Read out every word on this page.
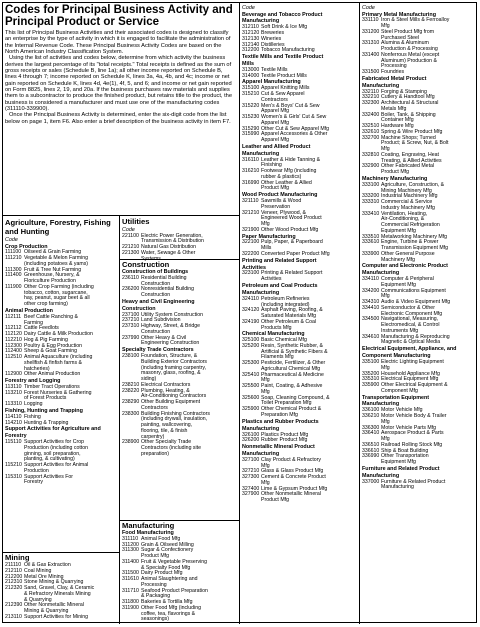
Codes for Principal Business Activity and
Principal Product or Service

This list of Principal Business Activities and their associated codes is designed to classify an enterprise by the type of activity in which it is engaged to facilitate the administration of the Internal Revenue Code. These Principal Business Activity Codes are based on the North American Industry Classification System.

Using the list of activities and codes below, determine from which activity the business derives the largest percentage of its "total receipts." Total receipts is defined as the sum of gross receipts or sales (Schedule B, line 1a); all other income reported on Schedule B, lines 4 through 7; income reported on Schedule K, lines 3a, 4a, 4b, and 4c; income or net gain reported on Schedule K, lines 4d, 4e(1), 4f, 5, and 6; and income or net gain reported on Form 8825, lines 2, 19, and 20a. If the business purchases raw materials and supplies them to a subcontractor to produce the finished product, but retains title to the product, the business is considered a manufacturer and must use one of the manufacturing codes (311110-339900).

Once the Principal Business Activity is determined, enter the six-digit code from the list below on page 1, item F6. Also enter a brief description of the business activity in item F7.

Agriculture, Forestry, Fishing
and Hunting
Code
Crop Production
111100 Oilseed & Grain Farming
111210 Vegetable & Melon Farming
(including potatoes & yams)
111300 Fruit & Tree Nut Farming
111400 Greenhouse, Nursery, &
Floriculture Production
111900 Other Crop Farming (including
tobacco, cotton, sugarcane,
hay, peanut, sugar beet & all
other crop farming)
Animal Production
112111 Beef Cattle Ranching &
Farming
112112 Cattle Feedlots
112120 Dairy Cattle & Milk Production
112210 Hog & Pig Farming
112300 Poultry & Egg Production
112400 Sheep & Goat Farming
112510 Animal Aquaculture (including
shellfish & finfish farms &
hatcheries)
112900 Other Animal Production
Forestry and Logging
113110 Timber Tract Operations
113210 Forest Nurseries & Gathering
of Forest Products
113310 Logging
Fishing, Hunting and Trapping
114110 Fishing
114210 Hunting & Trapping
Support Activities for Agriculture and
Forestry
115110 Support Activities for Crop
Production (including cotton
ginning, soil preparation,
planting, & cultivating)
115210 Support Activities for Animal
Production
115310 Support Activities For
Forestry
Mining
211110 Oil & Gas Extraction
212110 Coal Mining
212200 Metal Ore Mining
212310 Stone Mining & Quarrying
212320 Sand, Gravel, Clay, & Ceramic
& Refractory Minerals Mining
& Quarrying
212390 Other Nonmetallic Mineral
Mining & Quarrying
213110 Support Activities for Mining
Utilities
Code
221100 Electric Power Generation,
Transmission & Distribution
221210 Natural Gas Distribution
221300 Water, Sewage & Other
Systems
Construction
Construction of Buildings
236110 Residential Building
Construction
236200 Nonresidential Building
Construction
Heavy and Civil Engineering
Construction
237100 Utility System Construction
237210 Land Subdivision
237310 Highway, Street, & Bridge
Construction
237990 Other Heavy & Civil
Engineering Construction
Specialty Trade Contractors
238100 Foundation, Structure, &
Building Exterior Contractors
(including framing carpentry,
masonry, glass, roofing, &
siding)
238210 Electrical Contractors
238220 Plumbing, Heating, &
Air-Conditioning Contractors
238290 Other Building Equipment
Contractors
238300 Building Finishing Contractors
(including drywall, insulation,
painting, wallcovering,
flooring, tile, & finish
carpentry)
238900 Other Specialty Trade
Contractors (including site
preparation)
Manufacturing
Food Manufacturing
311110 Animal Food Mfg
311200 Grain & Oilseed Milling
311300 Sugar & Confectionery
Product Mfg
311400 Fruit & Vegetable Preserving
& Specialty Food Mfg
311500 Dairy Product Mfg
311610 Animal Slaughtering and
Processing
311710 Seafood Product Preparation
& Packaging
311800 Bakeries & Tortilla Mfg
311900 Other Food Mfg (including
coffee, tea, flavorings &
seasonings)
Code
Beverage and Tobacco Product
Manufacturing
312110 Soft Drink & Ice Mfg
312120 Breweries
312130 Wineries
312140 Distilleries
312200 Tobacco Manufacturing
Textile Mills and Textile Product
Mills
313000 Textile Mills
314000 Textile Product Mills
Apparel Manufacturing
315100 Apparel Knitting Mills
315210 Cut & Sew Apparel
Contractors
315220 Men's & Boys' Cut & Sew
Apparel Mfg
315230 Women's & Girls' Cut & Sew
Apparel Mfg
315290 Other Cut & Sew Apparel Mfg
315990 Apparel Accessories & Other
Apparel Mfg
Leather and Allied Product
Manufacturing
316110 Leather & Hide Tanning &
Finishing
316210 Footwear Mfg (including
rubber & plastics)
316990 Other Leather & Allied
Product Mfg
Wood Product Manufacturing
321110 Sawmills & Wood
Preservation
321210 Veneer, Plywood, &
Engineered Wood Product
Mfg
321900 Other Wood Product Mfg
Paper Manufacturing
322100 Pulp, Paper, & Paperboard
Mills
322200 Converted Paper Product Mfg
Printing and Related Support
Activities
323100 Printing & Related Support
Activities
Petroleum and Coal Products
Manufacturing
324110 Petroleum Refineries
(including integrated)
324120 Asphalt Paving, Roofing, &
Saturated Materials Mfg
324190 Other Petroleum & Coal
Products Mfg
Chemical Manufacturing
325100 Basic Chemical Mfg
325200 Resin, Synthetic Rubber, &
Artificial & Synthetic Fibers &
Filaments Mfg
325300 Pesticide, Fertilizer, & Other
Agricultural Chemical Mfg
325410 Pharmaceutical & Medicine
Mfg
325500 Paint, Coating, & Adhesive
Mfg
325600 Soap, Cleaning Compound, &
Toilet Preparation Mfg
325900 Other Chemical Product &
Preparation Mfg
Plastics and Rubber Products
Manufacturing
326100 Plastics Product Mfg
326200 Rubber Product Mfg
Nonmetallic Mineral Product
Manufacturing
327100 Clay Product & Refractory
Mfg
327210 Glass & Glass Product Mfg
327300 Cement & Concrete Product
Mfg
327400 Lime & Gypsum Product Mfg
327900 Other Nonmetallic Mineral
Product Mfg
Code
Primary Metal Manufacturing
331110 Iron & Steel Mills & Ferroalloy
Mfg
331200 Steel Product Mfg from
Purchased Steel
331310 Alumina & Aluminum
Production & Processing
331400 Nonferrous Metal (except
Aluminum) Production &
Processing
331500 Foundries
Fabricated Metal Product
Manufacturing
332110 Forging & Stamping
332210 Cutlery & Handtool Mfg
332300 Architectural & Structural
Metals Mfg
332400 Boiler, Tank, & Shipping
Container Mfg
332510 Hardware Mfg
332610 Spring & Wire Product Mfg
332700 Machine Shops; Turned
Product; & Screw, Nut, & Bolt
Mfg
332810 Coating, Engraving, Heat
Treating, & Allied Activities
332900 Other Fabricated Metal
Product Mfg
Machinery Manufacturing
333100 Agriculture, Construction, &
Mining Machinery Mfg
333200 Industrial Machinery Mfg
333310 Commercial & Service
Industry Machinery Mfg
333410 Ventilation, Heating,
Air-Conditioning, &
Commercial Refrigeration
Equipment Mfg
333510 Metalworking Machinery Mfg
333610 Engine, Turbine & Power
Transmission Equipment Mfg
333900 Other General Purpose
Machinery Mfg
Computer and Electronic Product
Manufacturing
334110 Computer & Peripheral
Equipment Mfg
334200 Communications Equipment
Mfg
334310 Audio & Video Equipment Mfg
334410 Semiconductor & Other
Electronic Component Mfg
334500 Navigational, Measuring,
Electromedical, & Control
Instruments Mfg
334610 Manufacturing & Reproducing
Magnetic & Optical Media
Electrical Equipment, Appliance, and
Component Manufacturing
335100 Electric Lighting Equipment
Mfg
335200 Household Appliance Mfg
335310 Electrical Equipment Mfg
335900 Other Electrical Equipment &
Component Mfg
Transportation Equipment
Manufacturing
336100 Motor Vehicle Mfg
336210 Motor Vehicle Body & Trailer
Mfg
336300 Motor Vehicle Parts Mfg
336410 Aerospace Product & Parts
Mfg
336510 Railroad Rolling Stock Mfg
336610 Ship & Boat Building
336990 Other Transportation
Equipment Mfg
Furniture and Related Product
Manufacturing
337000 Furniture & Related Product
Manufacturing
